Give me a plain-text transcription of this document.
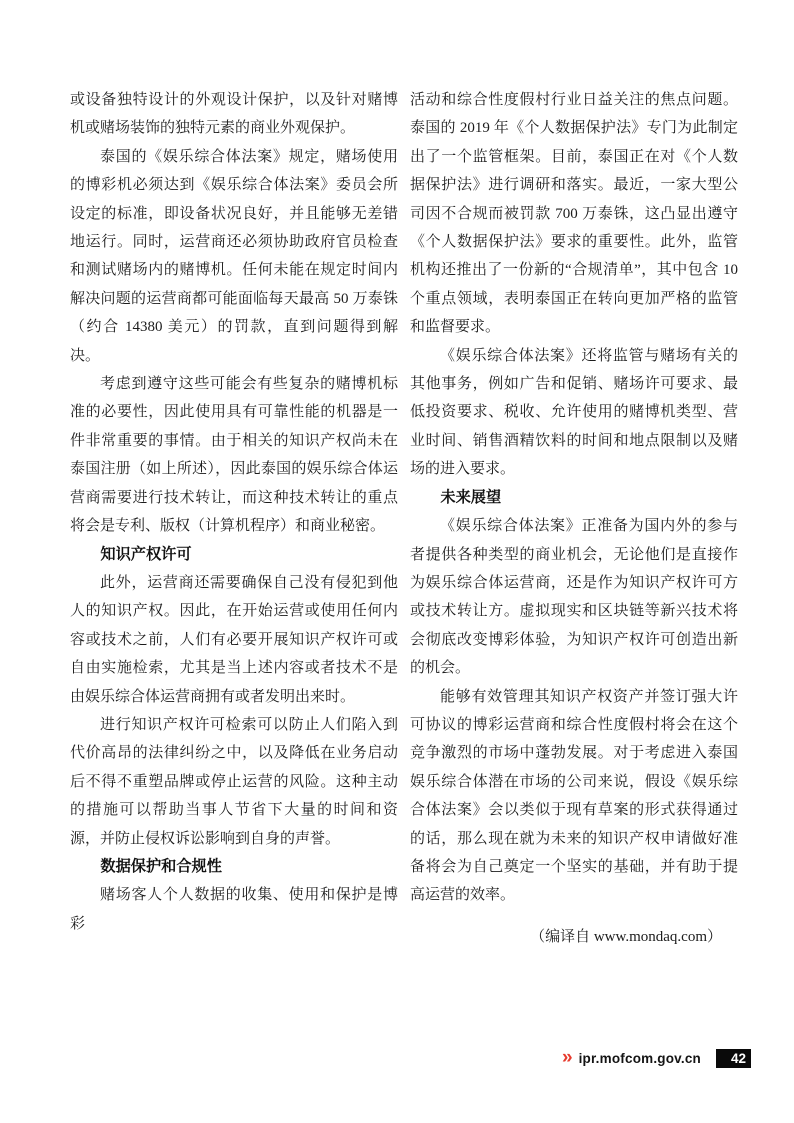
或设备独特设计的外观设计保护，以及针对赌博机或赌场装饰的独特元素的商业外观保护。

泰国的《娱乐综合体法案》规定，赌场使用的博彩机必须达到《娱乐综合体法案》委员会所设定的标准，即设备状况良好，并且能够无差错地运行。同时，运营商还必须协助政府官员检查和测试赌场内的赌博机。任何未能在规定时间内解决问题的运营商都可能面临每天最高 50 万泰铢（约合 14380 美元）的罚款，直到问题得到解决。

考虑到遵守这些可能会有些复杂的赌博机标准的必要性，因此使用具有可靠性能的机器是一件非常重要的事情。由于相关的知识产权尚未在泰国注册（如上所述），因此泰国的娱乐综合体运营商需要进行技术转让，而这种技术转让的重点将会是专利、版权（计算机程序）和商业秘密。

知识产权许可

此外，运营商还需要确保自己没有侵犯到他人的知识产权。因此，在开始运营或使用任何内容或技术之前，人们有必要开展知识产权许可或自由实施检索，尤其是当上述内容或者技术不是由娱乐综合体运营商拥有或者发明出来时。

进行知识产权许可检索可以防止人们陷入到代价高昂的法律纠纷之中，以及降低在业务启动后不得不重塑品牌或停止运营的风险。这种主动的措施可以帮助当事人节省下大量的时间和资源，并防止侵权诉讼影响到自身的声誉。

数据保护和合规性

赌场客人个人数据的收集、使用和保护是博彩

活动和综合性度假村行业日益关注的焦点问题。泰国的 2019 年《个人数据保护法》专门为此制定出了一个监管框架。目前，泰国正在对《个人数据保护法》进行调研和落实。最近，一家大型公司因不合规而被罚款 700 万泰铢，这凸显出遵守《个人数据保护法》要求的重要性。此外，监管机构还推出了一份新的“合规清单”，其中包含 10 个重点领域，表明泰国正在转向更加严格的监管和监督要求。

《娱乐综合体法案》还将监管与赌场有关的其他事务，例如广告和促销、赌场许可要求、最低投资要求、税收、允许使用的赌博机类型、营业时间、销售酒精饮料的时间和地点限制以及赌场的进入要求。

未来展望

《娱乐综合体法案》正准备为国内外的参与者提供各种类型的商业机会，无论他们是直接作为娱乐综合体运营商，还是作为知识产权许可方或技术转让方。虚拟现实和区块链等新兴技术将会彻底改变博彩体验，为知识产权许可创造出新的机会。

能够有效管理其知识产权资产并签订强大许可协议的博彩运营商和综合性度假村将会在这个竞争激烈的市场中蓬勃发展。对于考虑进入泰国娱乐综合体潜在市场的公司来说，假设《娱乐综合体法案》会以类似于现有草案的形式获得通过的话，那么现在就为未来的知识产权申请做好准备将会为自己奠定一个坚实的基础，并有助于提高运营的效率。

（编译自 www.mondaq.com）

» ipr.mofcom.gov.cn	42
